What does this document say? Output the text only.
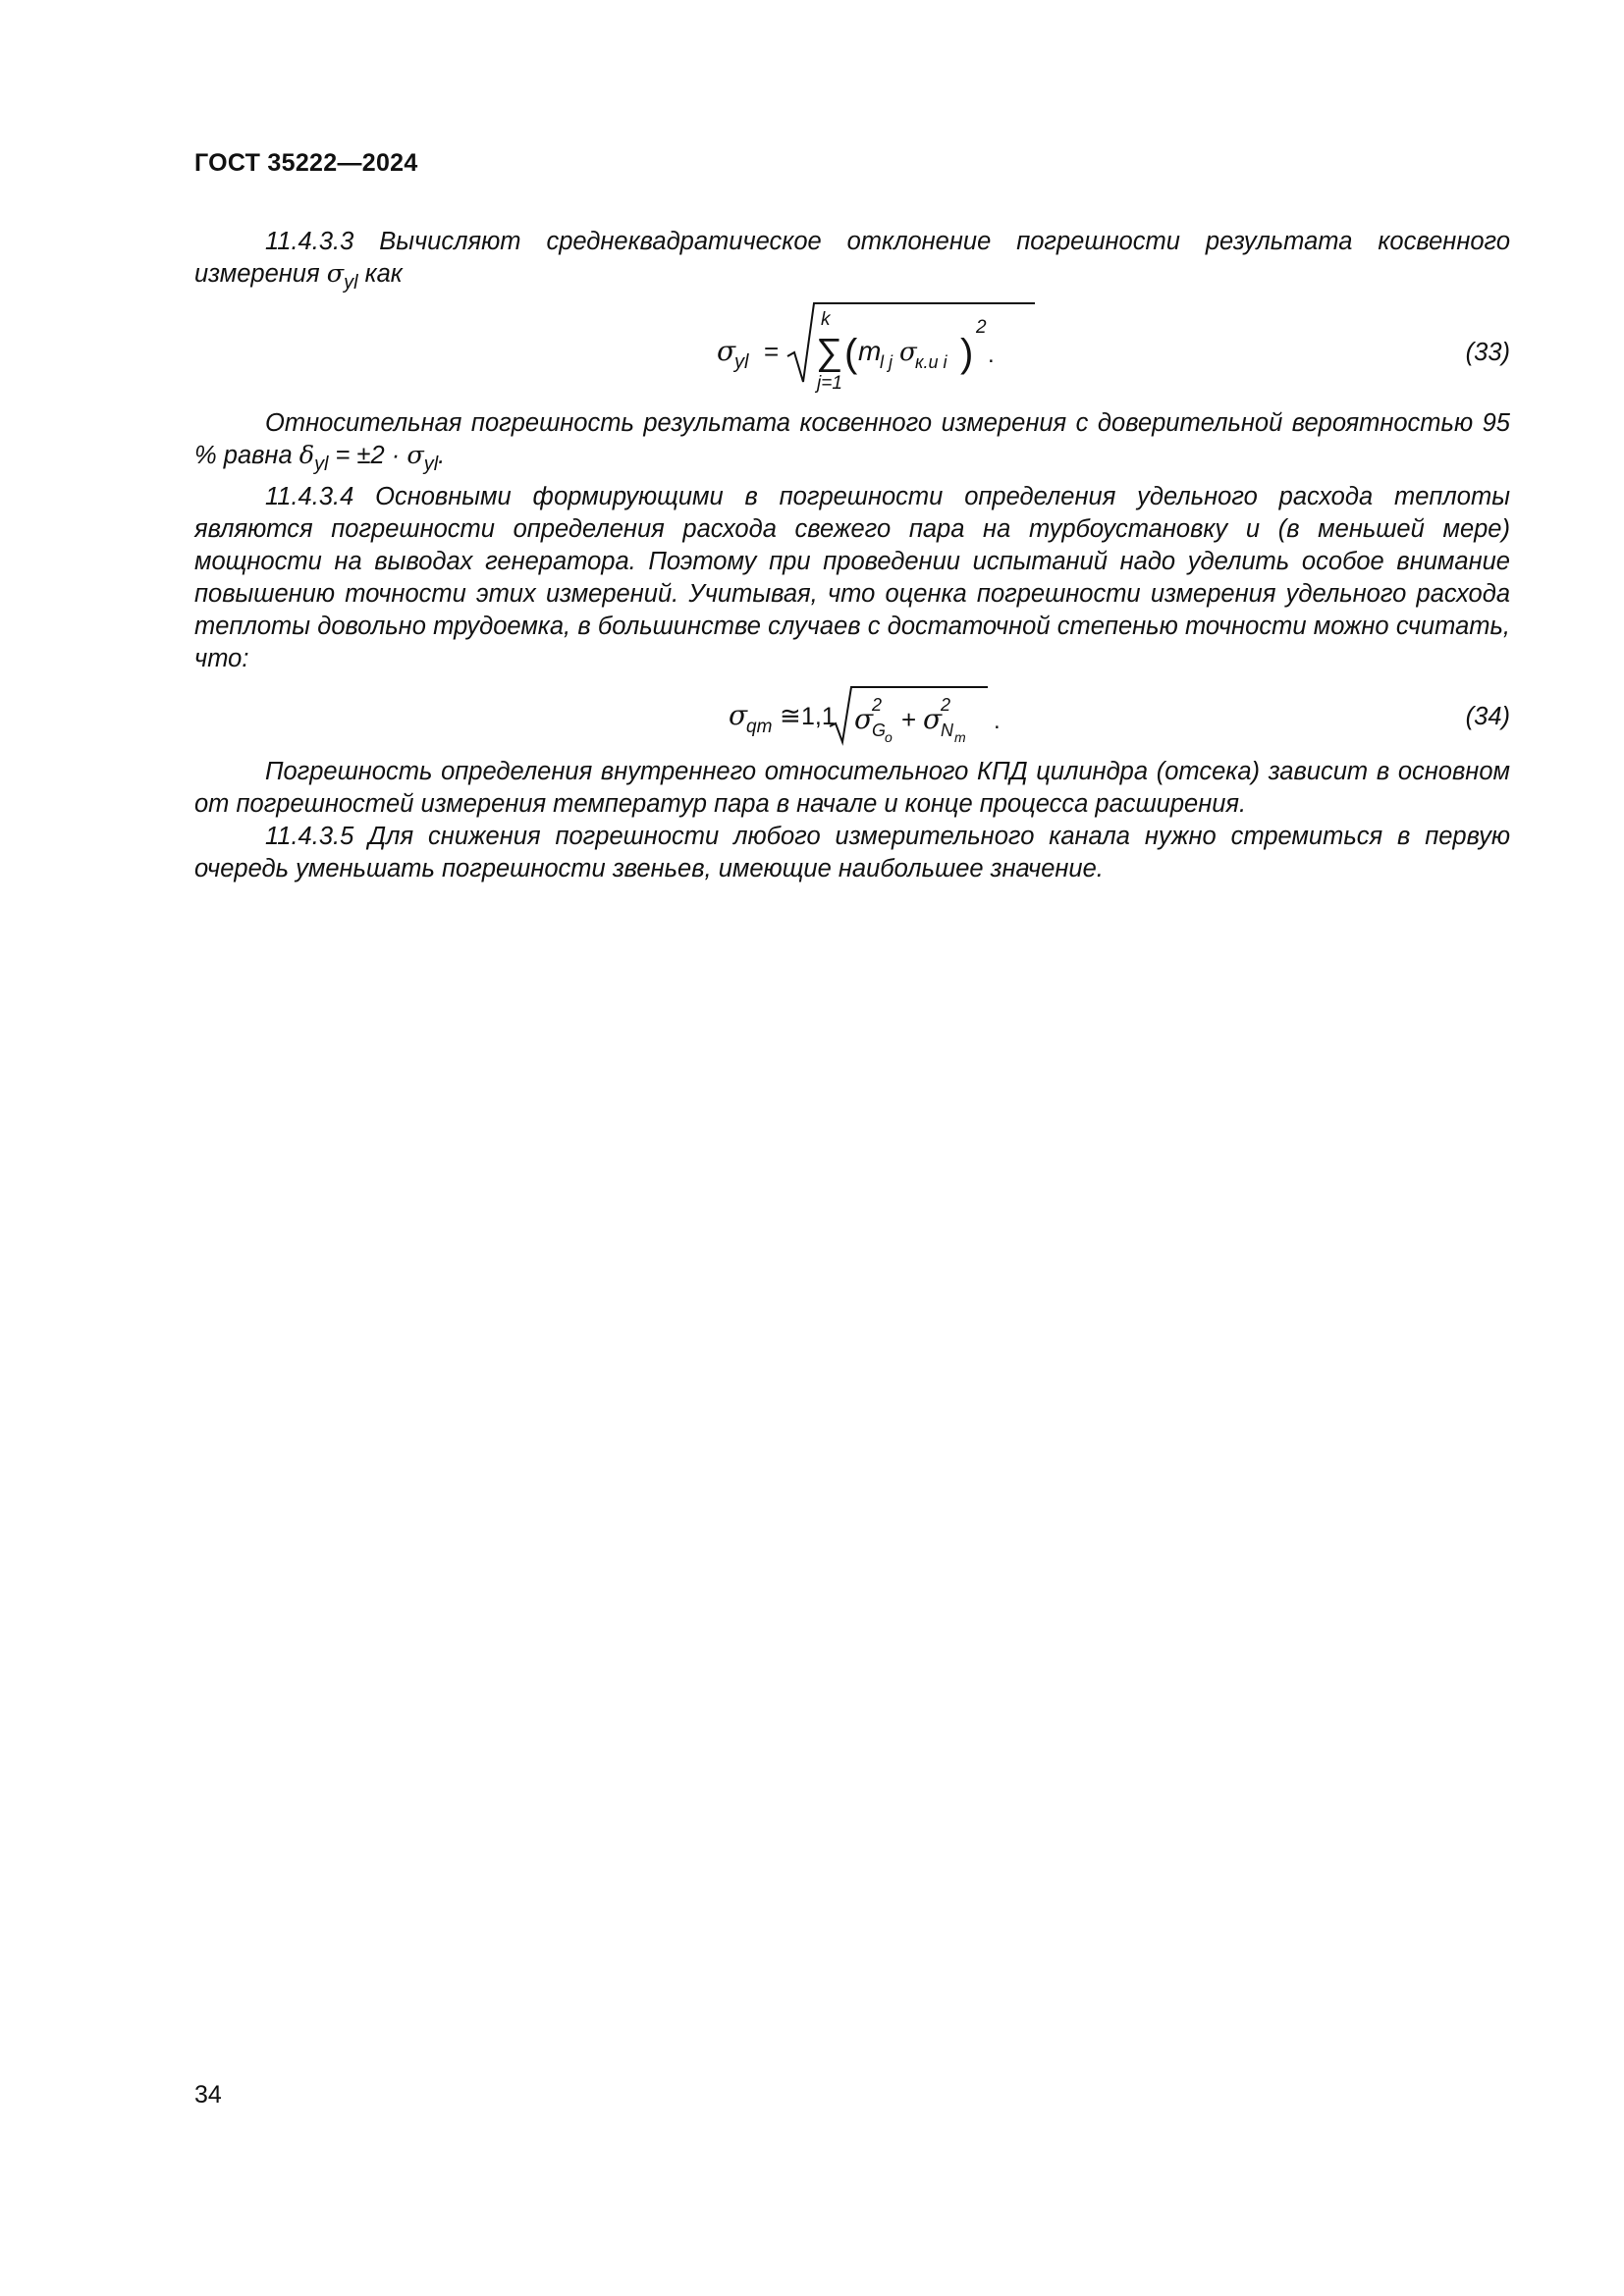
ГОСТ 35222—2024

11.4.3.3 Вычисляют среднеквадратическое отклонение погрешности результата косвенного измерения $\sigma_{yl}$ как

σ
yl =
k
∑
j=1
( m
l j σ
к.и i )
2
.	(33)

Относительная погрешность результата косвенного измерения с доверительной вероятностью 95 % равна $\delta_{yl} = \pm 2 \cdot \sigma_{yl}$.

11.4.3.4 Основными формирующими в погрешности определения удельного расхода теплоты являются погрешности определения расхода свежего пара на турбоустановку и (в меньшей мере) мощности на выводах генератора. Поэтому при проведении испытаний надо уделить особое внимание повышению точности этих измерений. Учитывая, что оценка погрешности измерения удельного расхода теплоты довольно трудоемка, в большинстве случаев с достаточной степенью точности можно считать, что:

σ
qт ≅ 1,1 σ
2
G
o
+ σ
2
N т
.	(34)

Погрешность определения внутреннего относительного КПД цилиндра (отсека) зависит в основном от погрешностей измерения температур пара в начале и конце процесса расширения.

11.4.3.5 Для снижения погрешности любого измерительного канала нужно стремиться в первую очередь уменьшать погрешности звеньев, имеющие наибольшее значение.

34
